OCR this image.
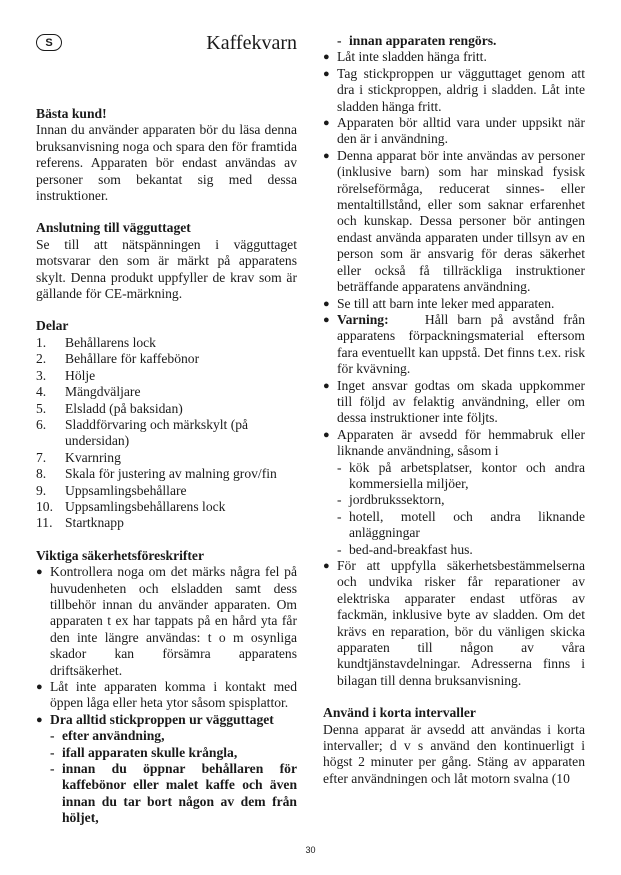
S	Kaffekvarn

Bästa kund!

Innan du använder apparaten bör du läsa denna bruksanvisning noga och spara den för framtida referens. Apparaten bör endast användas av personer som bekantat sig med dessa instruktioner.

Anslutning till vägguttaget

Se till att nätspänningen i vägguttaget motsvarar den som är märkt på apparatens skylt. Denna produkt uppfyller de krav som är gällande för CE-märkning.

Delar

1.	Behållarens lock
2.	Behållare för kaffebönor
3.	Hölje
4.	Mängdväljare
5.	Elsladd (på baksidan)
6.	Sladdförvaring och märkskylt (på undersidan)
7.	Kvarnring
8.	Skala för justering av malning grov/fin
9.	Uppsamlingsbehållare
10. Uppsamlingsbehållarens lock
11. Startknapp

Viktiga säkerhetsföreskrifter

●
Kontrollera noga om det märks några fel på huvudenheten och elsladden samt dess tillbehör innan du använder apparaten. Om apparaten t ex har tappats på en hård yta får den inte längre användas: t o m osynliga skador kan försämra apparatens driftsäkerhet.
●
Låt inte apparaten komma i kontakt med öppen låga eller heta ytor såsom spisplattor.
●
Dra alltid stickproppen ur vägguttaget
- efter användning,
- ifall apparaten skulle krångla,
- innan du öppnar behållaren för kaffebönor eller malet kaffe och även innan du tar bort någon av dem från höljet,
- innan apparaten rengörs.
●
Låt inte sladden hänga fritt.
●
Tag stickproppen ur vägguttaget genom att dra i stickproppen, aldrig i sladden. Låt inte sladden hänga fritt.
●
Apparaten bör alltid vara under uppsikt när den är i användning.
●
Denna apparat bör inte användas av personer (inklusive barn) som har minskad fysisk rörelseförmåga, reducerat sinnes- eller mentaltillstånd, eller som saknar erfarenhet och kunskap. Dessa personer bör antingen endast använda apparaten under tillsyn av en person som är ansvarig för deras säkerhet eller också få tillräckliga instruktioner beträffande apparatens användning.
●
Se till att barn inte leker med apparaten.
●
Varning:	Håll barn på avstånd från apparatens förpackningsmaterial eftersom fara eventuellt kan uppstå. Det finns t.ex. risk för kvävning.
●
Inget ansvar godtas om skada uppkommer till följd av felaktig användning, eller om dessa instruktioner inte följts.
●
Apparaten är avsedd för hemmabruk eller liknande användning, såsom i
- kök på arbetsplatser, kontor och andra kommersiella miljöer,
- jordbrukssektorn,
- hotell, motell och andra liknande anläggningar
- bed-and-breakfast hus.
●
För att uppfylla säkerhetsbestämmelserna och undvika risker får reparationer av elektriska apparater endast utföras av fackmän, inklusive byte av sladden. Om det krävs en reparation, bör du vänligen skicka apparaten till någon av våra kundtjänstavdelningar. Adresserna finns i bilagan till denna bruksanvisning.

Använd i korta intervaller

Denna apparat är avsedd att användas i korta intervaller; d v s använd den kontinuerligt i högst 2 minuter per gång. Stäng av apparaten efter användningen och låt motorn svalna (10

30
